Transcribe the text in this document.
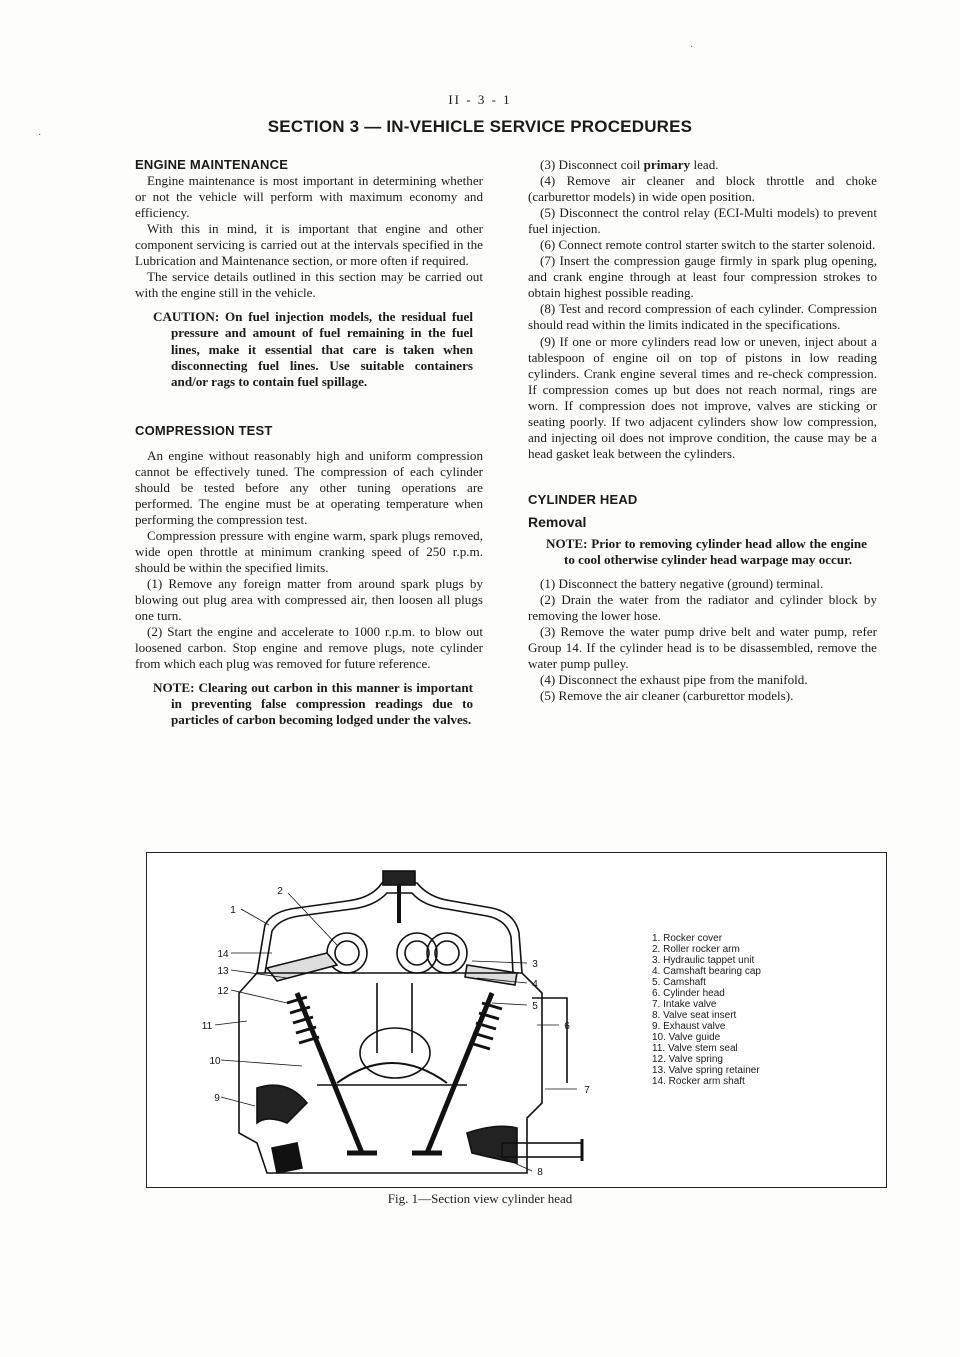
II - 3 - 1
SECTION 3 — IN-VEHICLE SERVICE PROCEDURES
·
·
ENGINE MAINTENANCE

Engine maintenance is most important in determining whether or not the vehicle will perform with maximum economy and efficiency.

With this in mind, it is important that engine and other component servicing is carried out at the intervals specified in the Lubrication and Maintenance section, or more often if required.

The service details outlined in this section may be carried out with the engine still in the vehicle.

CAUTION: On fuel injection models, the residual fuel pressure and amount of fuel remaining in the fuel lines, make it essential that care is taken when disconnecting fuel lines. Use suitable containers and/or rags to contain fuel spillage.

COMPRESSION TEST

An engine without reasonably high and uniform compression cannot be effectively tuned. The compression of each cylinder should be tested before any other tuning operations are performed. The engine must be at operating temperature when performing the compression test.

Compression pressure with engine warm, spark plugs removed, wide open throttle at minimum cranking speed of 250 r.p.m. should be within the specified limits.

(1) Remove any foreign matter from around spark plugs by blowing out plug area with compressed air, then loosen all plugs one turn.

(2) Start the engine and accelerate to 1000 r.p.m. to blow out loosened carbon. Stop engine and remove plugs, note cylinder from which each plug was removed for future reference.

NOTE: Clearing out carbon in this manner is important in preventing false compression readings due to particles of carbon becoming lodged under the valves.

(3) Disconnect coil primary lead.

(4) Remove air cleaner and block throttle and choke (carburettor models) in wide open position.

(5) Disconnect the control relay (ECI-Multi models) to prevent fuel injection.

(6) Connect remote control starter switch to the starter solenoid.

(7) Insert the compression gauge firmly in spark plug opening, and crank engine through at least four compression strokes to obtain highest possible reading.

(8) Test and record compression of each cylinder. Compression should read within the limits indicated in the specifications.

(9) If one or more cylinders read low or uneven, inject about a tablespoon of engine oil on top of pistons in low reading cylinders. Crank engine several times and re-check compression. If compression comes up but does not reach normal, rings are worn. If compression does not improve, valves are sticking or seating poorly. If two adjacent cylinders show low compression, and injecting oil does not improve condition, the cause may be a head gasket leak between the cylinders.

CYLINDER HEAD
Removal

NOTE: Prior to removing cylinder head allow the engine to cool otherwise cylinder head warpage may occur.

(1) Disconnect the battery negative (ground) terminal.

(2) Drain the water from the radiator and cylinder block by removing the lower hose.

(3) Remove the water pump drive belt and water pump, refer Group 14. If the cylinder head is to be disassembled, remove the water pump pulley.

(4) Disconnect the exhaust pipe from the manifold.

(5) Remove the air cleaner (carburettor models).

1
2
3
4
5
6
7
8
9
10
11
12
13
14
1. Rocker cover
2. Roller rocker arm
3. Hydraulic tappet unit
4. Camshaft bearing cap
5. Camshaft
6. Cylinder head
7. Intake valve
8. Valve seat insert
9. Exhaust valve
10. Valve guide
11. Valve stem seal
12. Valve spring
13. Valve spring retainer
14. Rocker arm shaft
Fig. 1—Section view cylinder head
